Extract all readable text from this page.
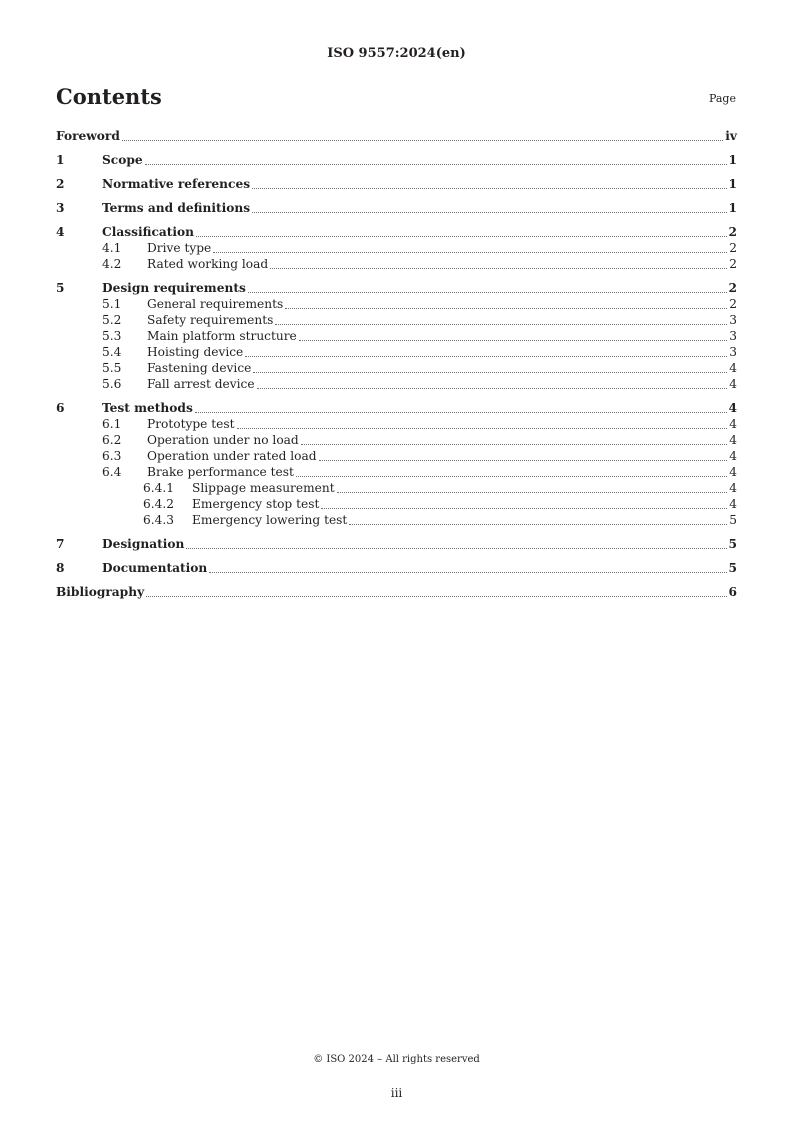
ISO 9557:2024(en)
Contents	Page
Foreword	iv
1	Scope	1
2	Normative references	1
3	Terms and definitions	1
4	Classification	2
4.1	Drive type	2
4.2	Rated working load	2
5	Design requirements	2
5.1	General requirements	2
5.2	Safety requirements	3
5.3	Main platform structure	3
5.4	Hoisting device	3
5.5	Fastening device	4
5.6	Fall arrest device	4
6	Test methods	4
6.1	Prototype test	4
6.2	Operation under no load	4
6.3	Operation under rated load	4
6.4	Brake performance test	4
6.4.1	Slippage measurement	4
6.4.2	Emergency stop test	4
6.4.3	Emergency lowering test	5
7	Designation	5
8	Documentation	5
Bibliography	6
© ISO 2024 – All rights reserved
iii
